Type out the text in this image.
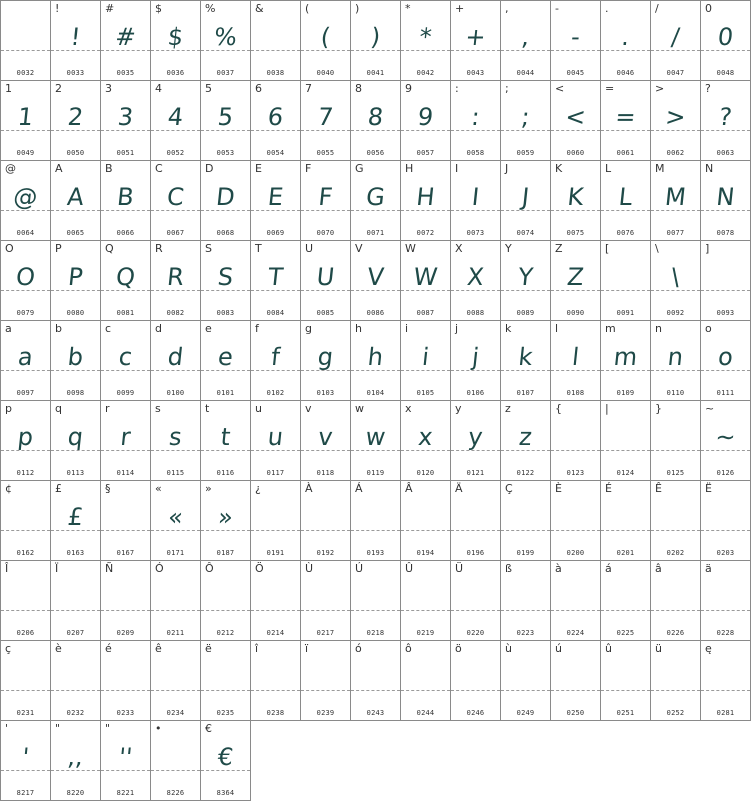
0032
!
!
0033
#
#
0035
$
$
0036
%
%
0037
&
0038
(
(
0040
)
)
0041
*
*
0042
+
+
0043
,
,
0044
-
-
0045
.
.
0046
/
/
0047
0
0
0048
1
1
0049
2
2
0050
3
3
0051
4
4
0052
5
5
0053
6
6
0054
7
7
0055
8
8
0056
9
9
0057
:
:
0058
;
;
0059
<
<
0060
=
=
0061
>
>
0062
?
?
0063
@
@
0064
A
A
0065
B
B
0066
C
C
0067
D
D
0068
E
E
0069
F
F
0070
G
G
0071
H
H
0072
I
I
0073
J
J
0074
K
K
0075
L
L
0076
M
M
0077
N
N
0078
O
O
0079
P
P
0080
Q
Q
0081
R
R
0082
S
S
0083
T
T
0084
U
U
0085
V
V
0086
W
W
0087
X
X
0088
Y
Y
0089
Z
Z
0090
[
0091
\
\
0092
]
0093
a
a
0097
b
b
0098
c
c
0099
d
d
0100
e
e
0101
f
f
0102
g
g
0103
h
h
0104
i
i
0105
j
j
0106
k
k
0107
l
l
0108
m
m
0109
n
n
0110
o
o
0111
p
p
0112
q
q
0113
r
r
0114
s
s
0115
t
t
0116
u
u
0117
v
v
0118
w
w
0119
x
x
0120
y
y
0121
z
z
0122
{
0123
|
0124
}
0125
~
~
0126
¢
0162
£
£
0163
§
0167
«
«
0171
»
»
0187
¿
0191
À
0192
Á
0193
Â
0194
Ä
0196
Ç
0199
È
0200
É
0201
Ê
0202
Ë
0203
Î
0206
Ï
0207
Ñ
0209
Ó
0211
Ô
0212
Ö
0214
Ù
0217
Ú
0218
Û
0219
Ü
0220
ß
0223
à
0224
á
0225
â
0226
ä
0228
ç
0231
è
0232
é
0233
ê
0234
ë
0235
î
0238
ï
0239
ó
0243
ô
0244
ö
0246
ù
0249
ú
0250
û
0251
ü
0252
ę
0281
'
'
8217
"
,,
8220
"
''
8221
•
8226
€
€
8364
